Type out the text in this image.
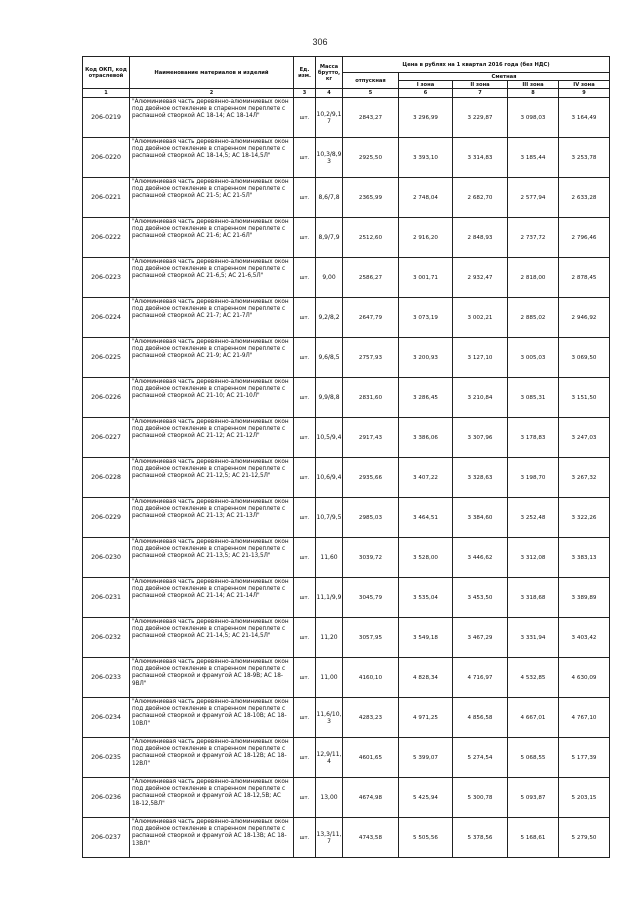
306
Код ОКП, код отраслевой	Наименование материалов и изделий	Ед. изм.	Масса брутто, кг	Цена в рублях на 1 квартал 2016 года (без НДС)				
				отпускная	Сметная			
					I зона	II зона	III зона	IV зона
1	2	3	4	5	6	7	8	9
206-0219	"Алюминиевая часть деревянно-алюминиевых окон под двойное остекление в спаренном переплете с распашной створкой АС 18-14; АС 18-14Л"	шт.	10,2/9,1 7	2843,27	3 296,99	3 229,87	3 098,03	3 164,49
206-0220	"Алюминиевая часть деревянно-алюминиевых окон под двойное остекление в спаренном переплете с распашной створкой АС 18-14,5; АС 18-14,5Л"	шт.	10,3/8,9 3	2925,50	3 393,10	3 314,83	3 185,44	3 253,78
206-0221	"Алюминиевая часть деревянно-алюминиевых окон под двойное остекление в спаренном переплете с распашной створкой АС 21-5; АС 21-5Л"	шт.	8,6/7,8	2365,99	2 748,04	2 682,70	2 577,94	2 633,28
206-0222	"Алюминиевая часть деревянно-алюминиевых окон под двойное остекление в спаренном переплете с распашной створкой АС 21-6; АС 21-6Л"	шт.	8,9/7,9	2512,60	2 916,20	2 848,93	2 737,72	2 796,46
206-0223	"Алюминиевая часть деревянно-алюминиевых окон под двойное остекление в спаренном переплете с распашной створкой АС 21-6,5; АС 21-6,5Л"	шт.	9,00	2586,27	3 001,71	2 932,47	2 818,00	2 878,45
206-0224	"Алюминиевая часть деревянно-алюминиевых окон под двойное остекление в спаренном переплете с распашной створкой АС 21-7; АС 21-7Л"	шт.	9,2/8,2	2647,79	3 073,19	3 002,21	2 885,02	2 946,92
206-0225	"Алюминиевая часть деревянно-алюминиевых окон под двойное остекление в спаренном переплете с распашной створкой АС 21-9; АС 21-9Л"	шт.	9,6/8,5	2757,93	3 200,93	3 127,10	3 005,03	3 069,50
206-0226	"Алюминиевая часть деревянно-алюминиевых окон под двойное остекление в спаренном переплете с распашной створкой АС 21-10; АС 21-10Л"	шт.	9,9/8,8	2831,60	3 286,45	3 210,84	3 085,31	3 151,50
206-0227	"Алюминиевая часть деревянно-алюминиевых окон под двойное остекление в спаренном переплете с распашной створкой АС 21-12; АС 21-12Л"	шт.	10,5/9,4	2917,43	3 386,06	3 307,96	3 178,83	3 247,03
206-0228	"Алюминиевая часть деревянно-алюминиевых окон под двойное остекление в спаренном переплете с распашной створкой АС 21-12,5; АС 21-12,5Л"	шт.	10,6/9,4	2935,66	3 407,22	3 328,63	3 198,70	3 267,32
206-0229	"Алюминиевая часть деревянно-алюминиевых окон под двойное остекление в спаренном переплете с распашной створкой АС 21-13; АС 21-13Л"	шт.	10,7/9,5	2985,03	3 464,51	3 384,60	3 252,48	3 322,26
206-0230	"Алюминиевая часть деревянно-алюминиевых окон под двойное остекление в спаренном переплете с распашной створкой АС 21-13,5; АС 21-13,5Л"	шт.	11,60	3039,72	3 528,00	3 446,62	3 312,08	3 383,13
206-0231	"Алюминиевая часть деревянно-алюминиевых окон под двойное остекление в спаренном переплете с распашной створкой АС 21-14; АС 21-14Л"	шт.	11,1/9,9	3045,79	3 535,04	3 453,50	3 318,68	3 389,89
206-0232	"Алюминиевая часть деревянно-алюминиевых окон под двойное остекление в спаренном переплете с распашной створкой АС 21-14,5; АС 21-14,5Л"	шт.	11,20	3057,95	3 549,18	3 467,29	3 331,94	3 403,42
206-0233	"Алюминиевая часть деревянно-алюминиевых окон под двойное остекление в спаренном переплете с распашной створкой и фрамугой АС 18-9В; АС 18-9ВЛ"	шт.	11,00	4160,10	4 828,34	4 716,97	4 532,85	4 630,09
206-0234	"Алюминиевая часть деревянно-алюминиевых окон под двойное остекление в спаренном переплете с распашной створкой и фрамугой АС 18-10В; АС 18-10ВЛ"	шт.	11,6/10, 3	4283,23	4 971,25	4 856,58	4 667,01	4 767,10
206-0235	"Алюминиевая часть деревянно-алюминиевых окон под двойное остекление в спаренном переплете с распашной створкой и фрамугой АС 18-12В; АС 18-12ВЛ"	шт.	12,9/11, 4	4601,65	5 399,07	5 274,54	5 068,55	5 177,39
206-0236	"Алюминиевая часть деревянно-алюминиевых окон под двойное остекление в спаренном переплете с распашной створкой и фрамугой АС 18-12,5В; АС 18-12,5ВЛ"	шт.	13,00	4674,98	5 425,94	5 300,78	5 093,87	5 203,15
206-0237	"Алюминиевая часть деревянно-алюминиевых окон под двойное остекление в спаренном переплете с распашной створкой и фрамугой АС 18-13В; АС 18-13ВЛ"	шт.	13,3/11, 7	4743,58	5 505,56	5 378,56	5 168,61	5 279,50
